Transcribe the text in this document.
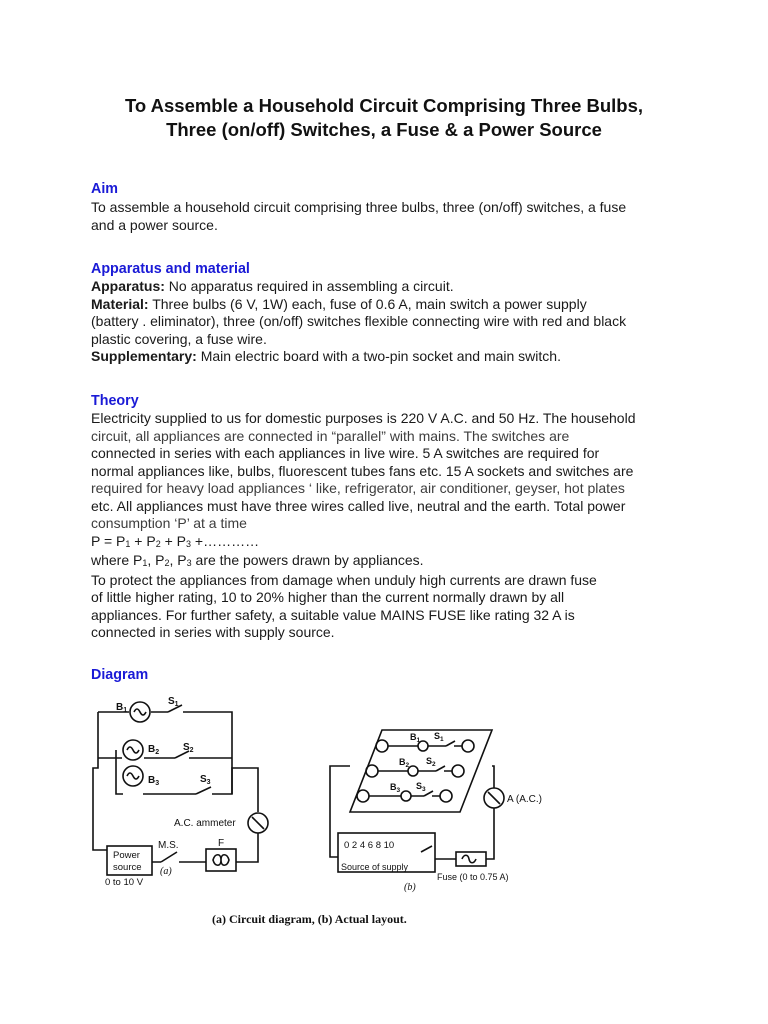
To Assemble a Household Circuit Comprising Three Bulbs,
Three (on/off) Switches, a Fuse & a Power Source
Aim
To assemble a household circuit comprising three bulbs, three (on/off) switches, a fuse
and a power source.
Apparatus and material
Apparatus: No apparatus required in assembling a circuit.
Material: Three bulbs (6 V, 1W) each, fuse of 0.6 A, main switch a power supply
(battery . eliminator), three (on/off) switches flexible connecting wire with red and black
plastic covering, a fuse wire.
Supplementary: Main electric board with a two-pin socket and main switch.
Theory
Electricity supplied to us for domestic purposes is 220 V A.C. and 50 Hz. The household
circuit, all appliances are connected in “parallel” with mains. The switches are
connected in series with each appliances in live wire. 5 A switches are required for
normal appliances like, bulbs, fluorescent tubes fans etc. 15 A sockets and switches are
required for heavy load appliances ‘ like, refrigerator, air conditioner, geyser, hot plates
etc. All appliances must have three wires called live, neutral and the earth. Total power
consumption ‘P’ at a time
P = P1 + P2 + P3 +…………
where P1, P2, P3 are the powers drawn by appliances.
To protect the appliances from damage when unduly high currents are drawn fuse
of little higher rating, 10 to 20% higher than the current normally drawn by all
appliances. For further safety, a suitable value MAINS FUSE like rating 32 A is
connected in series with supply source.
Diagram
$B_1$
$S_1$
$B_2$ $S_2$
$B_3$	$S_3$
A.C. ammeter
M.S.	F
Power
source
0 to 10 V
(a)
$B_1$ $S_1$
$B_2$ $S_2$
$B_3$ $S_3$
A (A.C.)
0 2 4 6 8 10
Source of supply
Fuse (0 to 0.75 A)
(b)
(a) Circuit diagram, (b) Actual layout.
